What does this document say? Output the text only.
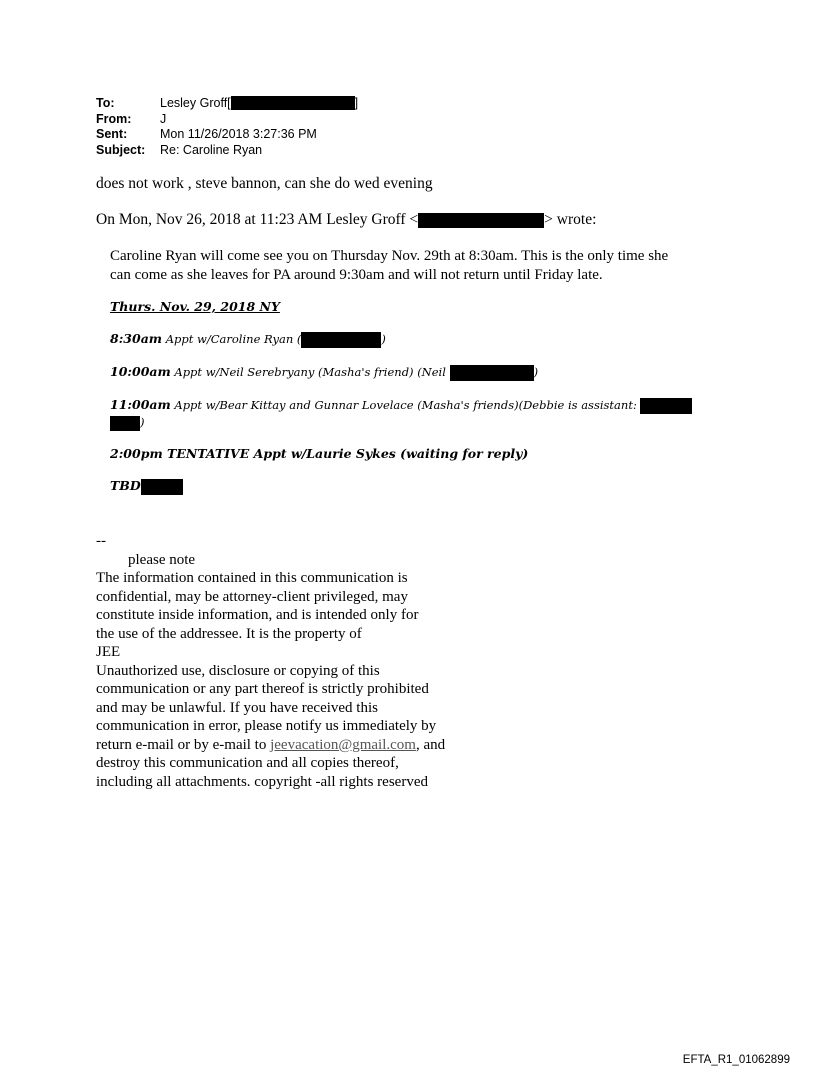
To:	Lesley Groff[	]
From:	J
Sent:	Mon 11/26/2018 3:27:36 PM
Subject:	Re: Caroline Ryan
does not work , steve bannon, can she do wed evening
On Mon, Nov 26, 2018 at 11:23 AM Lesley Groff <	> wrote:
Caroline Ryan will come see you on Thursday Nov. 29th at 8:30am. This is the only time she
can come as she leaves for PA around 9:30am and will not return until Friday late.
Thurs. Nov. 29, 2018 NY
8:30am Appt w/Caroline Ryan (	)
10:00am Appt w/Neil Serebryany (Masha's friend) (Neil	)
11:00am Appt w/Bear Kittay and Gunnar Lovelace (Masha's friends)(Debbie is assistant: )
2:00pm TENTATIVE Appt w/Laurie Sykes (waiting for reply)
TBD
--
please note
The information contained in this communication is
confidential, may be attorney-client privileged, may
constitute inside information, and is intended only for
the use of the addressee. It is the property of
JEE
Unauthorized use, disclosure or copying of this
communication or any part thereof is strictly prohibited
and may be unlawful. If you have received this
communication in error, please notify us immediately by
return e-mail or by e-mail to jeevacation@gmail.com, and
destroy this communication and all copies thereof,
including all attachments. copyright -all rights reserved
EFTA_R1_01062899
